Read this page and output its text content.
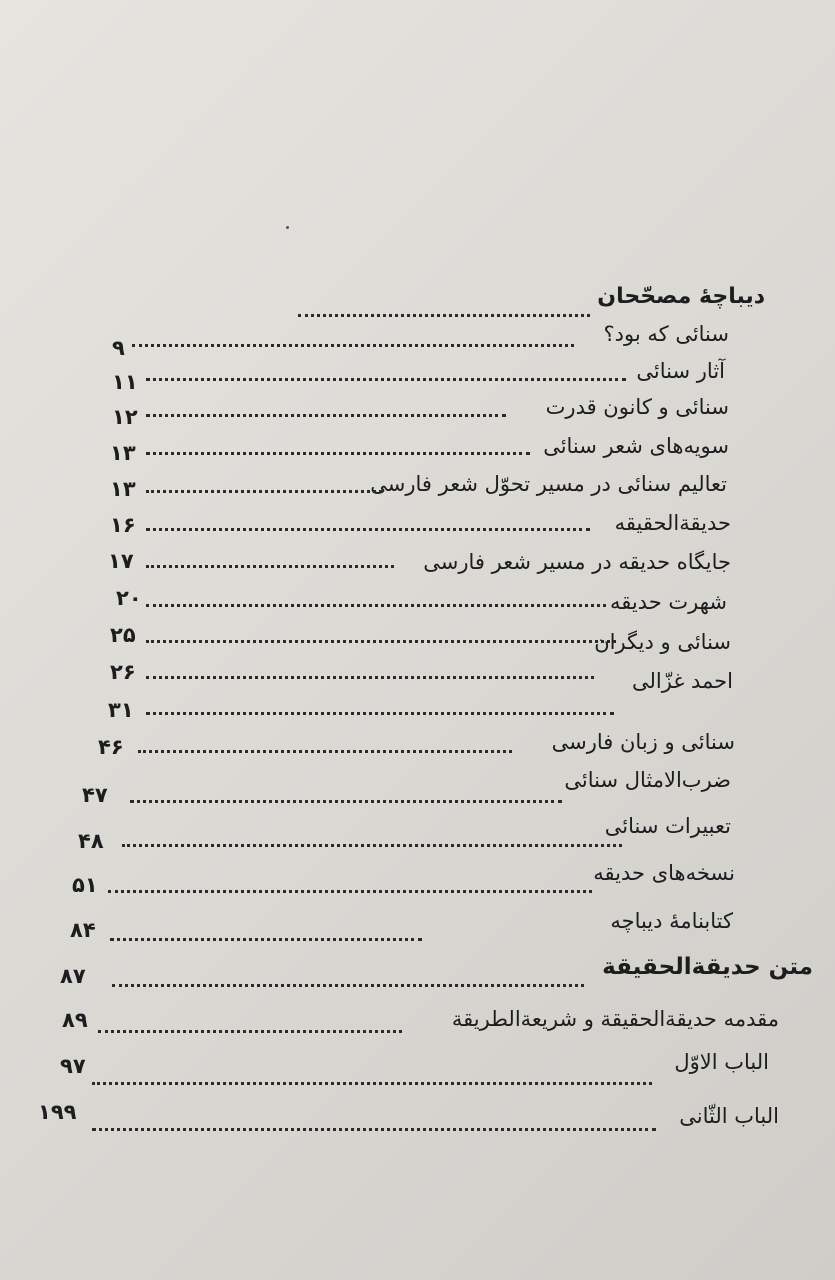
دیباچهٔ مصحّحان
سنائی که بود؟
۹
آثار سنائی
۱۱
سنائی و کانون قدرت
۱۲
سویه‌های شعر سنائی
۱۳
تعالیم سنائی در مسیر تحوّل شعر فارسی
۱۳
حدیقة‌الحقیقه
۱۶
جایگاه حدیقه در مسیر شعر فارسی
۱۷
شهرت حدیقه
۲۰
سنائی و دیگران
۲۵
احمد غزّالی
۲۶
سنائی و زبان فارسی
۳۱
ضرب‌الامثال سنائی
۴۶
تعبیرات سنائی
۴۷
نسخه‌های حدیقه
۴۸
کتابنامهٔ دیباچه
۵۱
متن حدیقة‌الحقیقة
۸۴
مقدمه حدیقة‌الحقیقة و شریعة‌الطریقة
۸۷
الباب الاوّل
۸۹
الباب الثّانی
۹۷
۱۹۹
